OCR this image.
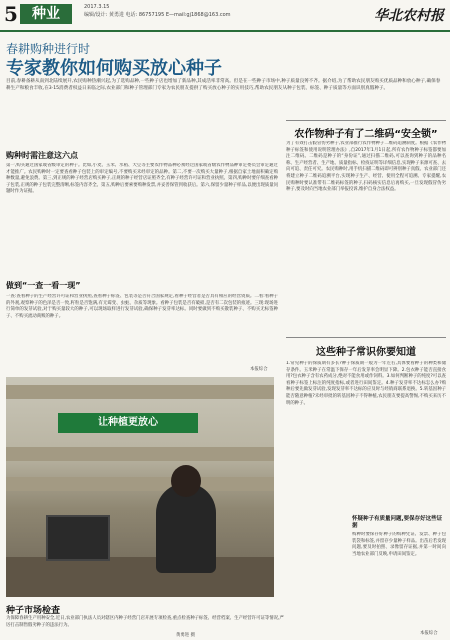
5	种业	2017.3.15
编辑/设计: 黄勇进 电话: 86757195 E—mail:gj1868@163.com	华北农村报
春耕购种进行时
专家教你如何购买放心种子
目前,春耕备耕从南到北陆续展开,农民购种热潮兴起,为了选购品种,一些种子店也增加了新品种,其成活率非常高。但是在一些种子市场中,种子质量良莠不齐。据介绍,为了帮助农民朋友购买优质品种和放心种子,确保春耕生产和粮食丰收,在3·15消费者权益日来临之际,农业部门和种子管理部门专家为农民朋友提供了购买放心种子的实用技巧,帮助农民朋友从种子包装、标签、种子质量等方面识别真假种子。
购种时需注意这六点
第一,购买通过国家或省级审定的种子。比如,小麦、玉米、水稻、大豆等主要农作物品种必须经过国家或省级农作物品种审定委员会审定通过才能推广。农民购种时一定要查看种子包装上的审定编号,不要购买未经审定的品种。第二,不要一次购买大量种子,根据自家土地面积确定购种数量,避免浪费。第三,到正规的种子经营店购买种子,正规的种子经营店证照齐全,有种子经营许可证和营业执照。第四,购种时要仔细查看种子包装,正规的种子包装完整清晰,标签内容齐全。第五,购种后要索要购种发票,并妥善保管到收获后。第六,保留少量种子样品,以便出现质量问题时作为证据。
做到“一查一看一现”
一查:查看种子的生产经营许可证和营业执照,查看种子标签、包装等是否符合国家规定,看种子经营者是否具有相应的经营资质。二看:看种子的外观,观察种子的色泽是否一致,籽粒是否饱满,有无霉变、虫蛀、杂质等现象。看种子包装是否有破损,是否有二次包装的痕迹。三现:现场进行简单的发芽试验,对于购买量较大的种子,可以现场取样进行发芽试验,确保种子发芽率达标。同时要做到不购买散装种子、不购买无标签种子、不购买流动商贩的种子。
本报综合
农作物种子有了二维码“安全锁”
为了有效打击假冒伪劣种子,农业部推行农作物种子二维码追溯制度。根据《农作物种子标签和使用说明管理办法》,自2017年1月1日起,所有农作物种子标签都要加注二维码。二维码是种子的“身份证”,通过扫描二维码,可以查询到种子的品种名称、生产经营者、生产地、质量指标、检疫证明等详细信息,实现种子来源可查、去向可追、责任可究。农民购种时,用手机扫描二维码即可辨别种子真假。农业部门还将建立种子二维码追溯平台,实现种子生产、经营、使用全程可追溯。专家提醒,农民购种时要认准带有二维码标签的种子,扫码核实信息后再购买,一旦发现假冒伪劣种子,要及时向当地农业部门举报投诉,维护自身合法权益。
这些种子常识你要知道
1.常见种子的保质期有多长?种子保质期一般为一年左右,具体要看种子的种类和储存条件。玉米种子在常温下保存一年后发芽率会明显下降。2.包衣种子能否直接食用?包衣种子含有农药成分,绝对不能食用或作饲料。3.如何判断种子的纯度?可以查看种子标签上标注的纯度指标,或者进行田间鉴定。4.种子发芽率不达标怎么办?购种后要先做发芽试验,发现发芽率不达标的应及时与经销商联系退换。5.转基因种子能否随意种植?未经审批的转基因种子不得种植,农民朋友要提高警惕,不购买来历不明的种子。
怀疑种子有质量问题,要保存好这些证据
购种时要保存好种子的购种凭证、发票、种子包装袋和标签,并留存少量种子样品。出苗后若发现问题,要及时拍照、录像留存证据,并第一时间向当地农业部门反映,申请田间鉴定。
本报综合
让种植更放心
种子市场检查
为保障春耕生产用种安全,近日,农业部门执法人员对辖区内种子经营门店开展专项检查,重点检查种子标签、经营档案、生产经营许可证等情况,严厉打击制售假劣种子的违法行为。
黄勇进 摄
